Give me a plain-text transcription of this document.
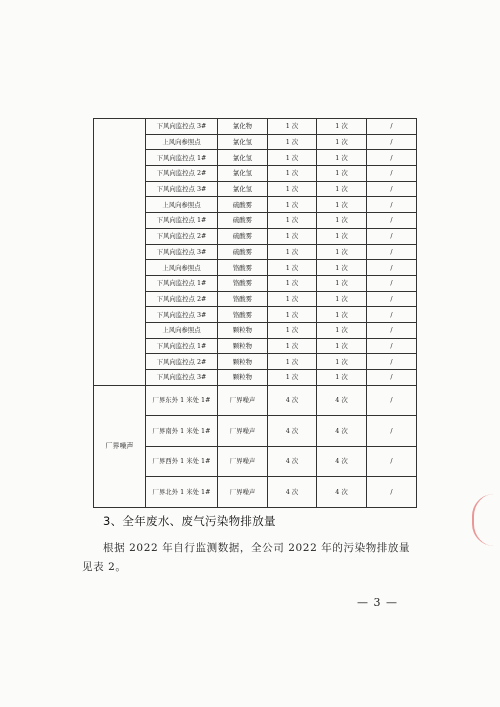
	下风向监控点 3#	氯化物	1 次	1 次	/
	上风向参照点	氯化氢	1 次	1 次	/
	下风向监控点 1#	氯化氢	1 次	1 次	/
	下风向监控点 2#	氯化氢	1 次	1 次	/
	下风向监控点 3#	氯化氢	1 次	1 次	/
	上风向参照点	硫酸雾	1 次	1 次	/
	下风向监控点 1#	硫酸雾	1 次	1 次	/
	下风向监控点 2#	硫酸雾	1 次	1 次	/
	下风向监控点 3#	硫酸雾	1 次	1 次	/
	上风向参照点	铬酸雾	1 次	1 次	/
	下风向监控点 1#	铬酸雾	1 次	1 次	/
	下风向监控点 2#	铬酸雾	1 次	1 次	/
	下风向监控点 3#	铬酸雾	1 次	1 次	/
	上风向参照点	颗粒物	1 次	1 次	/
	下风向监控点 1#	颗粒物	1 次	1 次	/
	下风向监控点 2#	颗粒物	1 次	1 次	/
	下风向监控点 3#	颗粒物	1 次	1 次	/
厂界噪声	厂界东外 1 米处 1#	厂界噪声	4 次	4 次	/
	厂界南外 1 米处 1#	厂界噪声	4 次	4 次	/
	厂界西外 1 米处 1#	厂界噪声	4 次	4 次	/
	厂界北外 1 米处 1#	厂界噪声	4 次	4 次	/
3、全年废水、废气污染物排放量
根据 2022 年自行监测数据，全公司 2022 年的污染物排放量见表 2。
— 3 —
